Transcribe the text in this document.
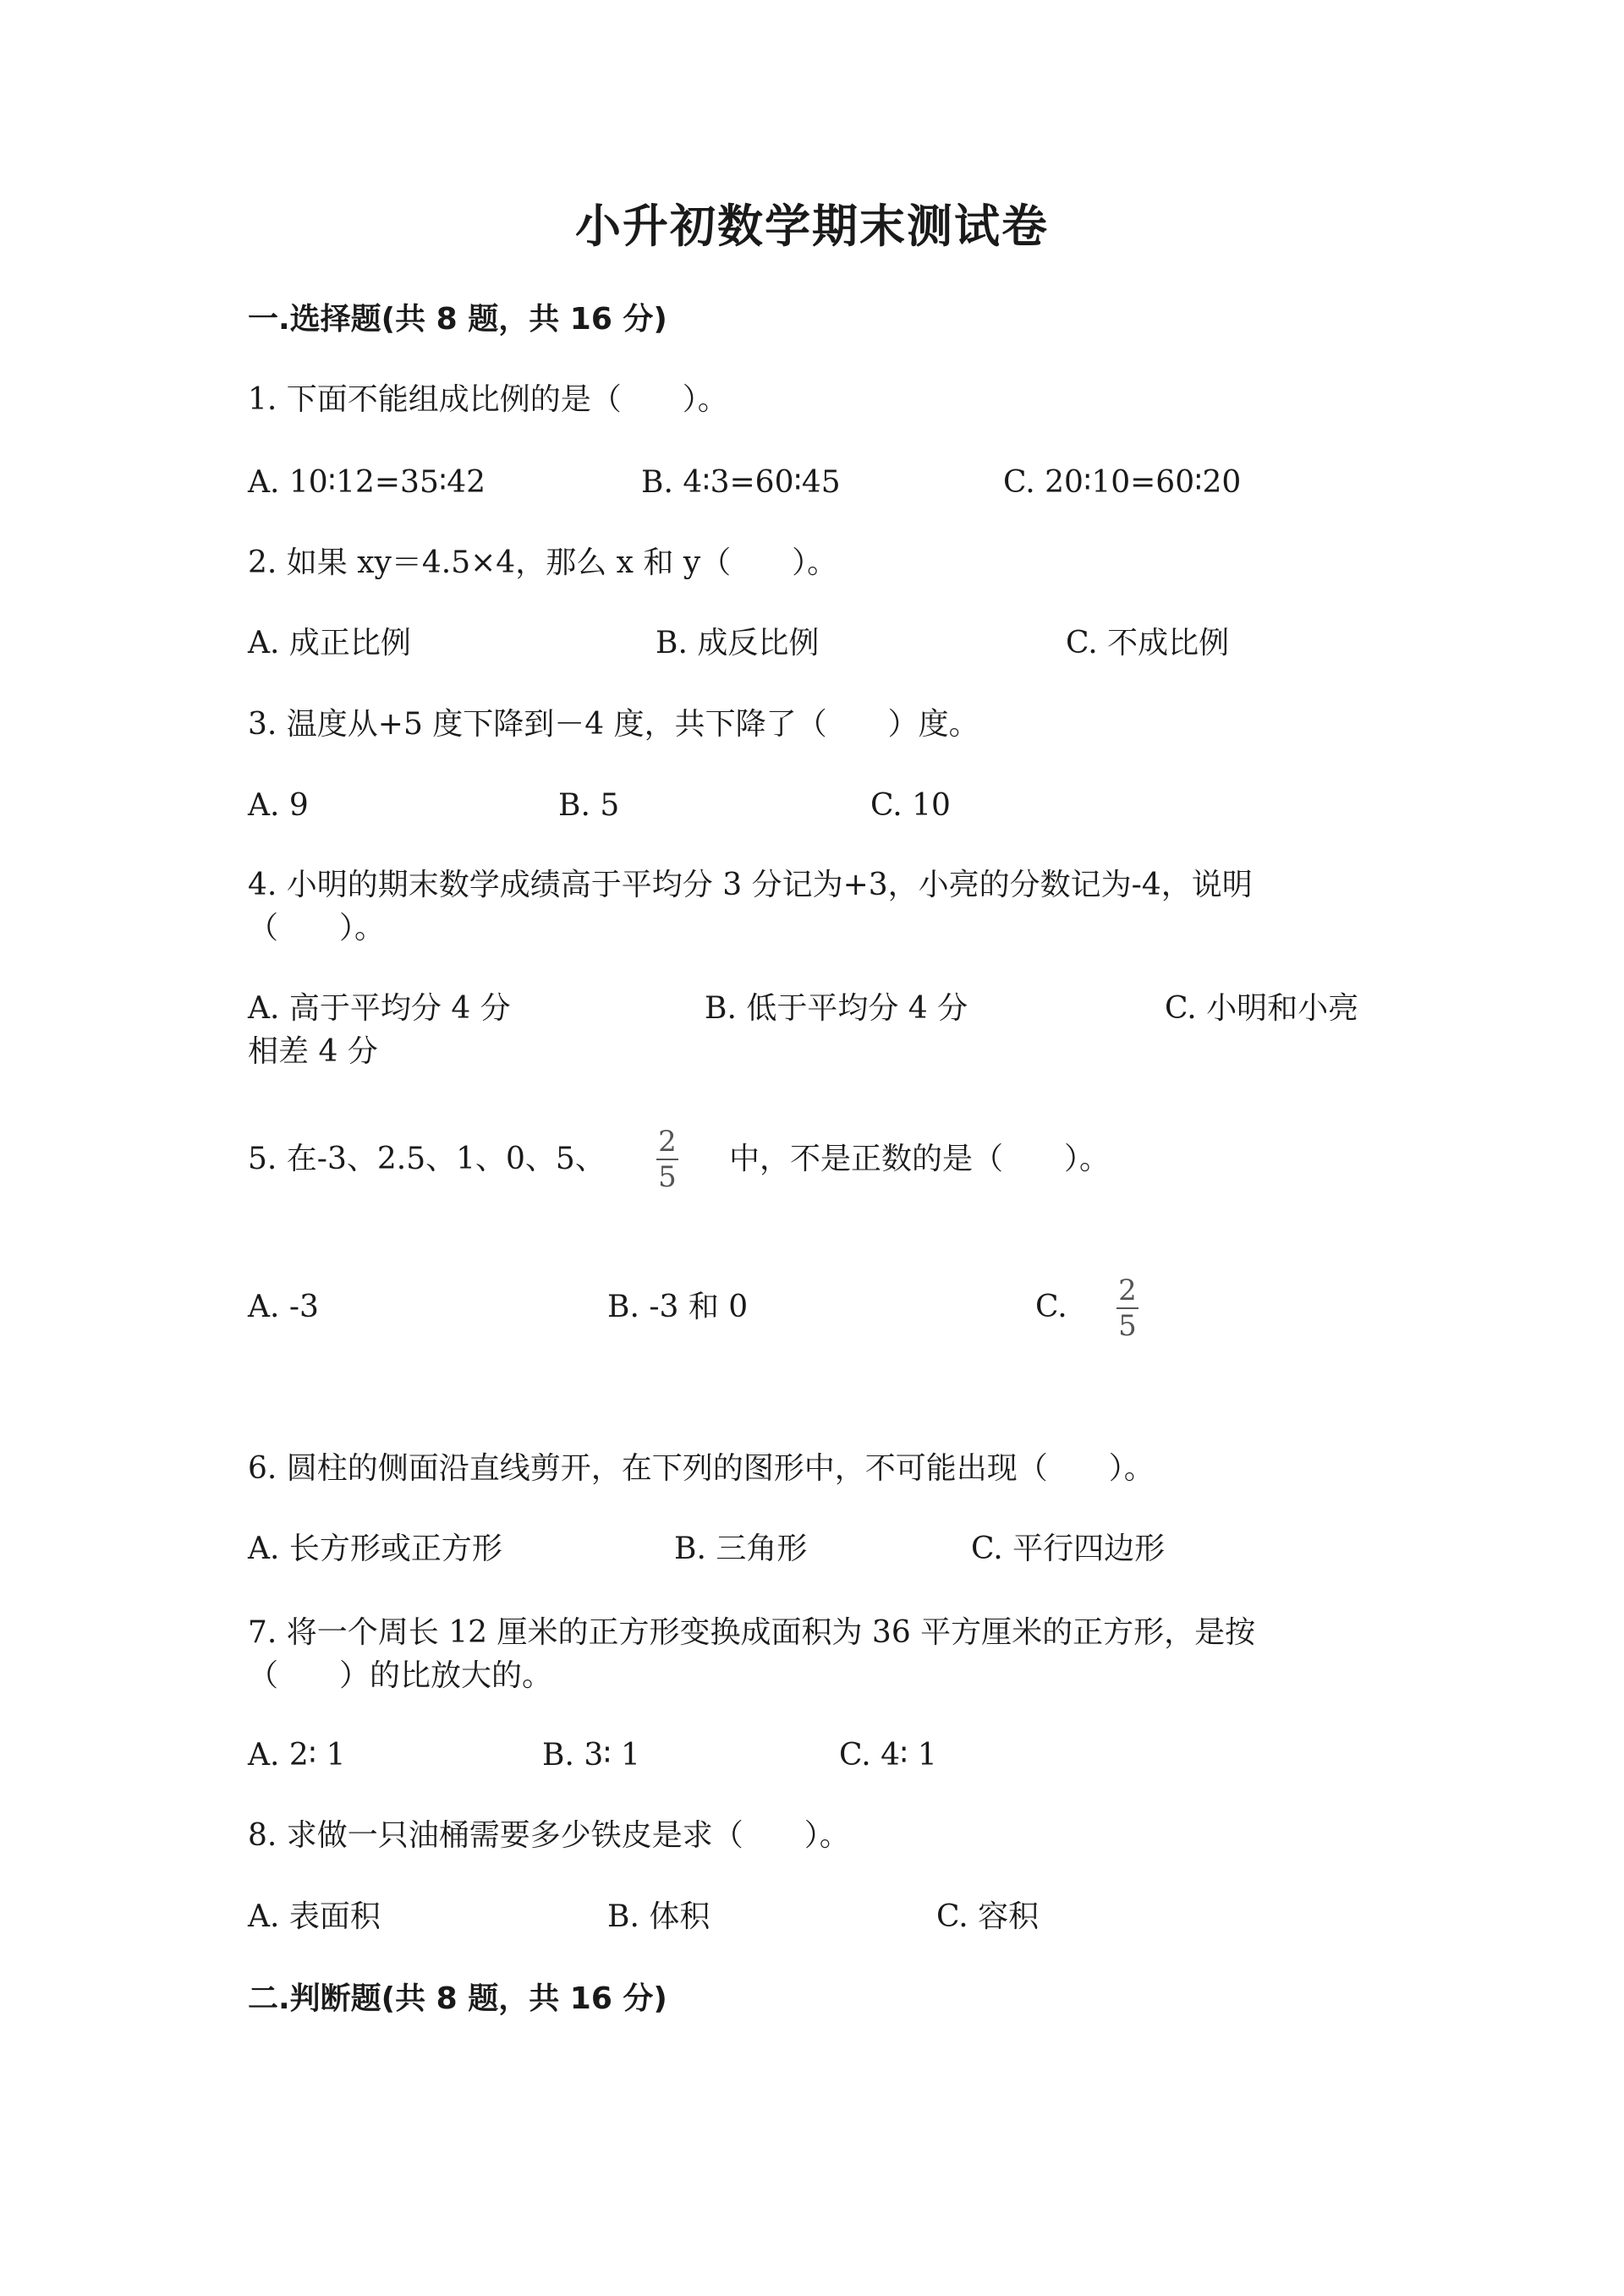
小升初数学期末测试卷
一.选择题(共 8 题，共 16 分)
1. 下面不能组成比例的是（　　）。
A. 10∶12=35∶42	B. 4∶3=60∶45	C. 20∶10=60∶20
2. 如果 xy＝4.5×4，那么 x 和 y（　　）。
A. 成正比例	B. 成反比例	C. 不成比例
3. 温度从+5 度下降到－4 度，共下降了（　　）度。
A. 9	B. 5	C. 10
4. 小明的期末数学成绩高于平均分 3 分记为+3，小亮的分数记为-4，说明
（　　）。
A. 高于平均分 4 分	B. 低于平均分 4 分	C. 小明和小亮
相差 4 分
5. 在-3、2.5、1、0、5、 2
5
中，不是正数的是（　　）。
A. -3	B. -3 和 0	C. 2
5
6. 圆柱的侧面沿直线剪开，在下列的图形中，不可能出现（　　）。
A. 长方形或正方形	B. 三角形	C. 平行四边形
7. 将一个周长 12 厘米的正方形变换成面积为 36 平方厘米的正方形，是按
（　　）的比放大的。
A. 2∶ 1	B. 3∶ 1	C. 4∶ 1
8. 求做一只油桶需要多少铁皮是求（　　）。
A. 表面积	B. 体积	C. 容积
二.判断题(共 8 题，共 16 分)
